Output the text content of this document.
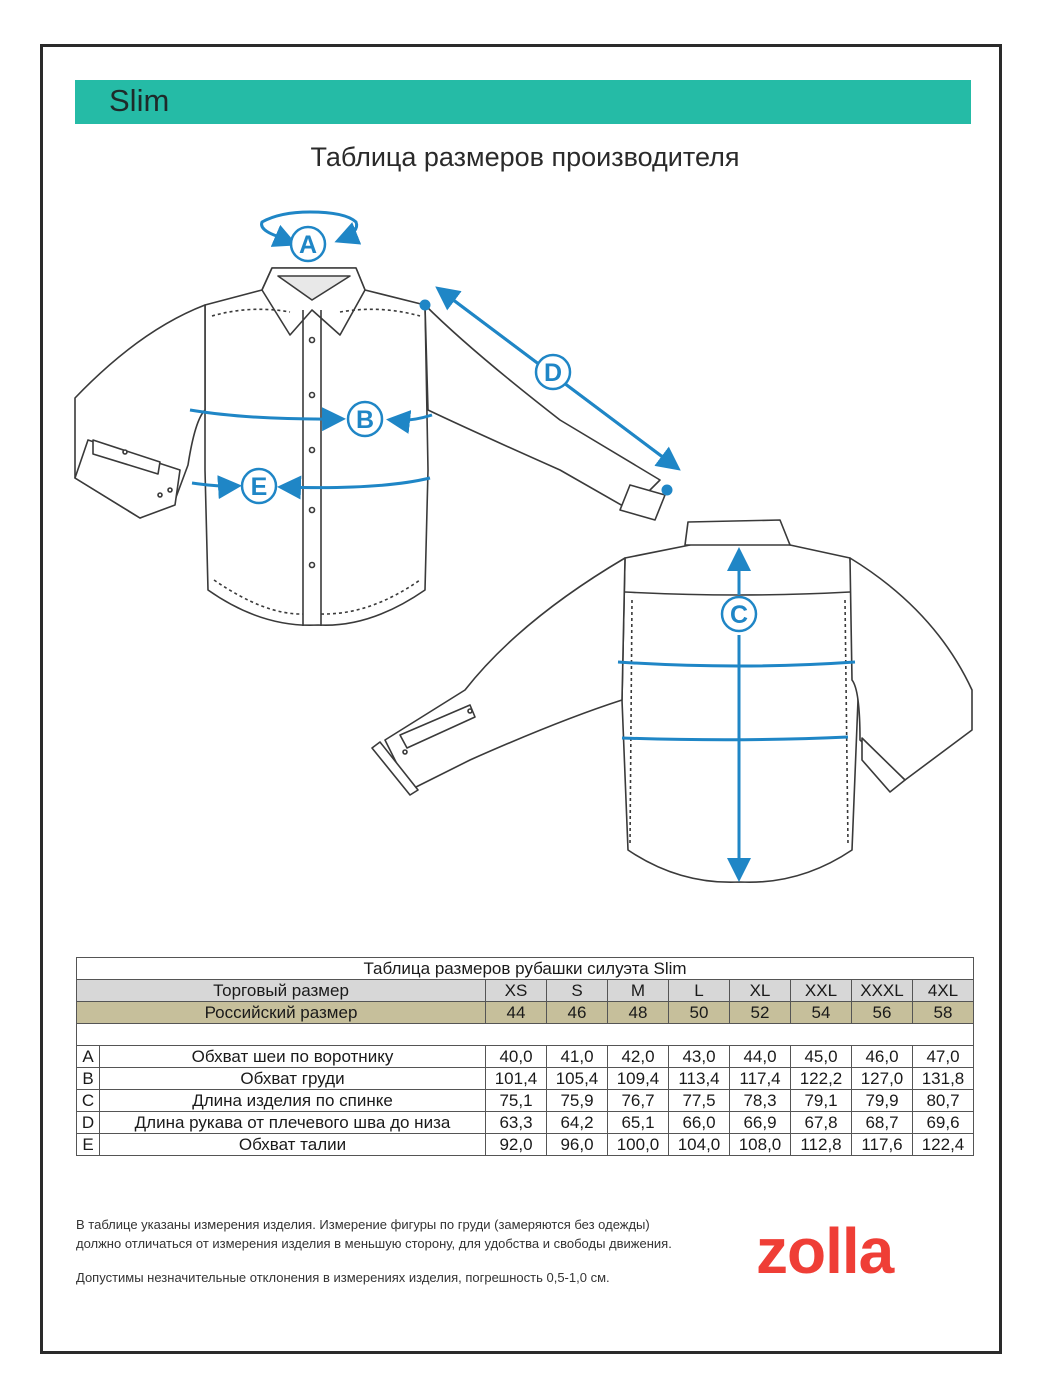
Slim
Таблица размеров производителя
A
B
C
D
E
Таблица размеров рубашки силуэта Slim									
Торговый размер		XS	S	M	L	XL	XXL	XXXL	4XL
Российский размер		44	46	48	50	52	54	56	58

A	Обхват шеи по воротнику	40,0	41,0	42,0	43,0	44,0	45,0	46,0	47,0
B	Обхват груди	101,4	105,4	109,4	113,4	117,4	122,2	127,0	131,8
C	Длина изделия по спинке	75,1	75,9	76,7	77,5	78,3	79,1	79,9	80,7
D	Длина рукава от плечевого шва до низа	63,3	64,2	65,1	66,0	66,9	67,8	68,7	69,6
E	Обхват талии	92,0	96,0	100,0	104,0	108,0	112,8	117,6	122,4
В таблице указаны измерения изделия. Измерение фигуры по груди (замеряются без одежды)
должно отличаться от измерения изделия в меньшую сторону, для удобства и свободы движения.
Допустимы незначительные отклонения в измерениях изделия, погрешность 0,5-1,0 см. zolla
